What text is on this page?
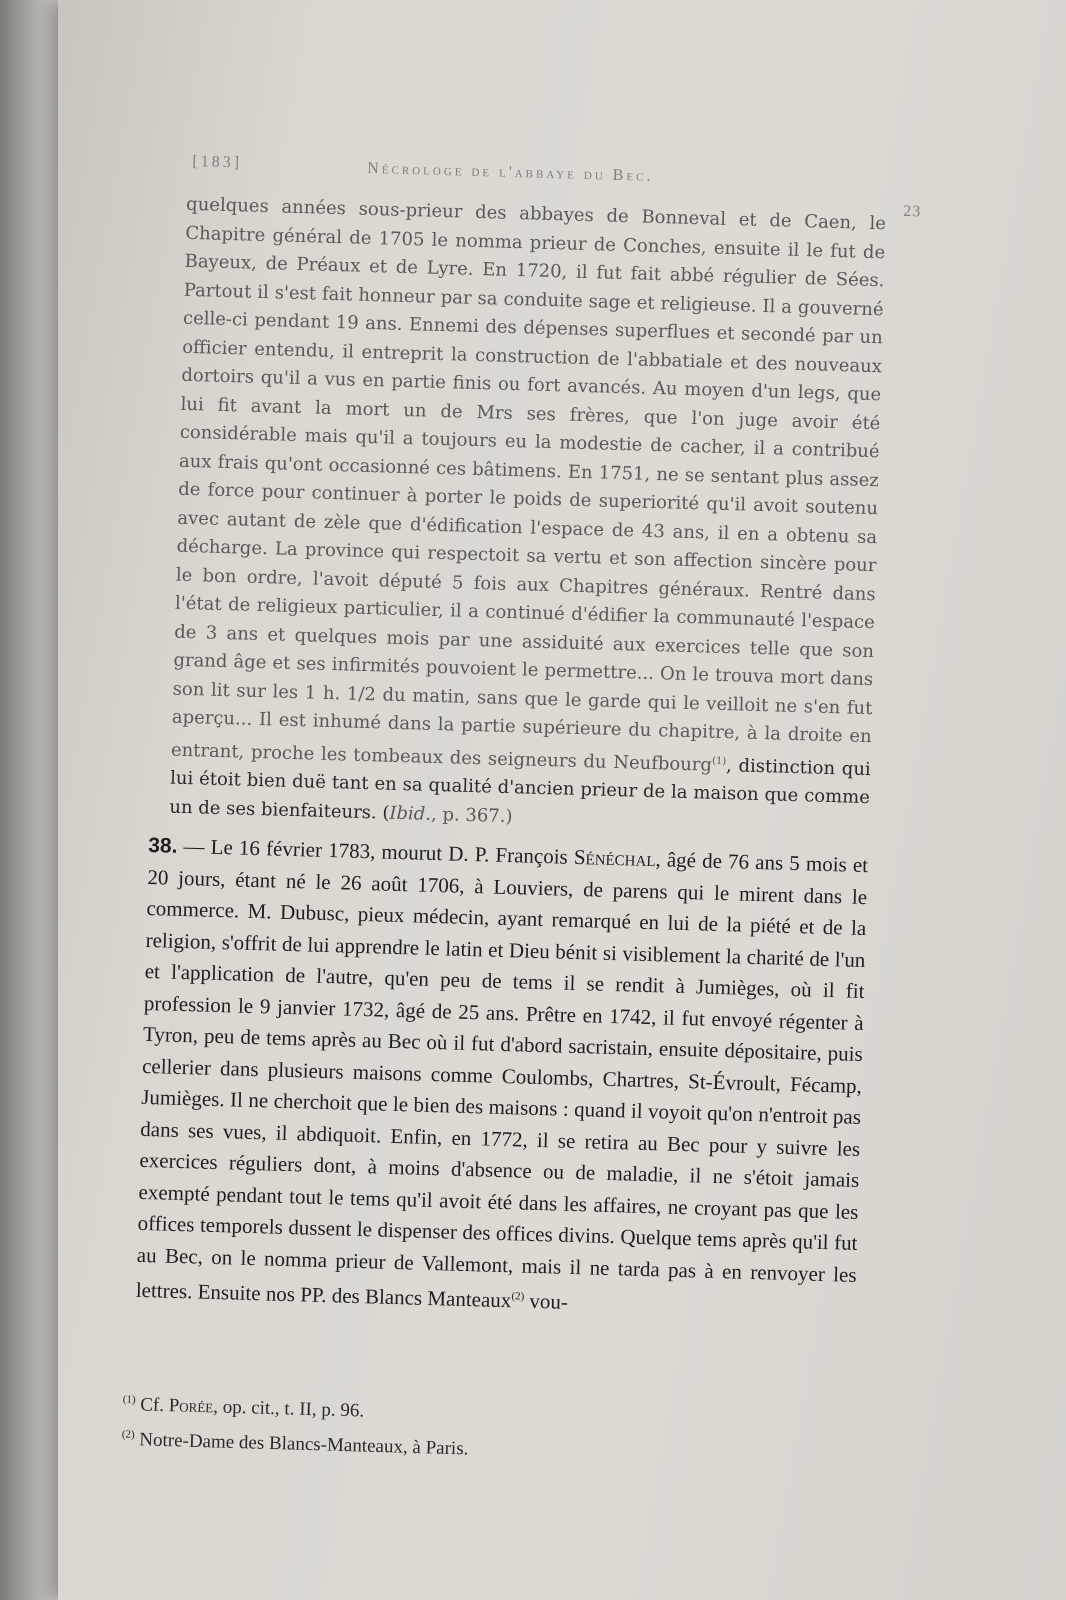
[183]	Nécrologe de l'abbaye du Bec.
23
quelques années sous-prieur des abbayes de Bonneval et de Caen, le Chapitre général de 1705 le nomma prieur de Conches, ensuite il le fut de Bayeux, de Préaux et de Lyre. En 1720, il fut fait abbé régulier de Sées. Partout il s'est fait honneur par sa conduite sage et religieuse. Il a gouverné celle-ci pendant 19 ans. Ennemi des dépenses superflues et secondé par un officier entendu, il entreprit la construction de l'abbatiale et des nouveaux dortoirs qu'il a vus en partie finis ou fort avancés. Au moyen d'un legs, que lui fit avant la mort un de Mrs ses frères, que l'on juge avoir été considérable mais qu'il a toujours eu la modestie de cacher, il a contribué aux frais qu'ont occasionné ces bâtimens. En 1751, ne se sentant plus assez de force pour continuer à porter le poids de superiorité qu'il avoit soutenu avec autant de zèle que d'édification l'espace de 43 ans, il en a obtenu sa décharge. La province qui respectoit sa vertu et son affection sincère pour le bon ordre, l'avoit député 5 fois aux Chapitres généraux. Rentré dans l'état de religieux particulier, il a continué d'édifier la communauté l'espace de 3 ans et quelques mois par une assiduité aux exercices telle que son grand âge et ses infirmités pouvoient le permettre... On le trouva mort dans son lit sur les 1 h. 1/2 du matin, sans que le garde qui le veilloit ne s'en fut aperçu... Il est inhumé dans la partie supérieure du chapitre, à la droite en entrant, proche les tombeaux des seigneurs du Neufbourg$^{(1)}$, distinction qui lui étoit bien duë tant en sa qualité d'ancien prieur de la maison que comme un de ses bienfaiteurs. (Ibid., p. 367.)
38. — Le 16 février 1783, mourut D. P. François Sénéchal, âgé de 76 ans 5 mois et 20 jours, étant né le 26 août 1706, à Louviers, de parens qui le mirent dans le commerce. M. Dubusc, pieux médecin, ayant remarqué en lui de la piété et de la religion, s'offrit de lui apprendre le latin et Dieu bénit si visiblement la charité de l'un et l'application de l'autre, qu'en peu de tems il se rendit à Jumièges, où il fit profession le 9 janvier 1732, âgé de 25 ans. Prêtre en 1742, il fut envoyé régenter à Tyron, peu de tems après au Bec où il fut d'abord sacristain, ensuite dépositaire, puis cellerier dans plusieurs maisons comme Coulombs, Chartres, St-Évroult, Fécamp, Jumièges. Il ne cherchoit que le bien des maisons : quand il voyoit qu'on n'entroit pas dans ses vues, il abdiquoit. Enfin, en 1772, il se retira au Bec pour y suivre les exercices réguliers dont, à moins d'absence ou de maladie, il ne s'étoit jamais exempté pendant tout le tems qu'il avoit été dans les affaires, ne croyant pas que les offices temporels dussent le dispenser des offices divins. Quelque tems après qu'il fut au Bec, on le nomma prieur de Vallemont, mais il ne tarda pas à en renvoyer les lettres. Ensuite nos PP. des Blancs Manteaux$^{(2)}$ vou-
$^{(1)}$ Cf. Porée, op. cit., t. II, p. 96.
$^{(2)}$ Notre-Dame des Blancs-Manteaux, à Paris.
